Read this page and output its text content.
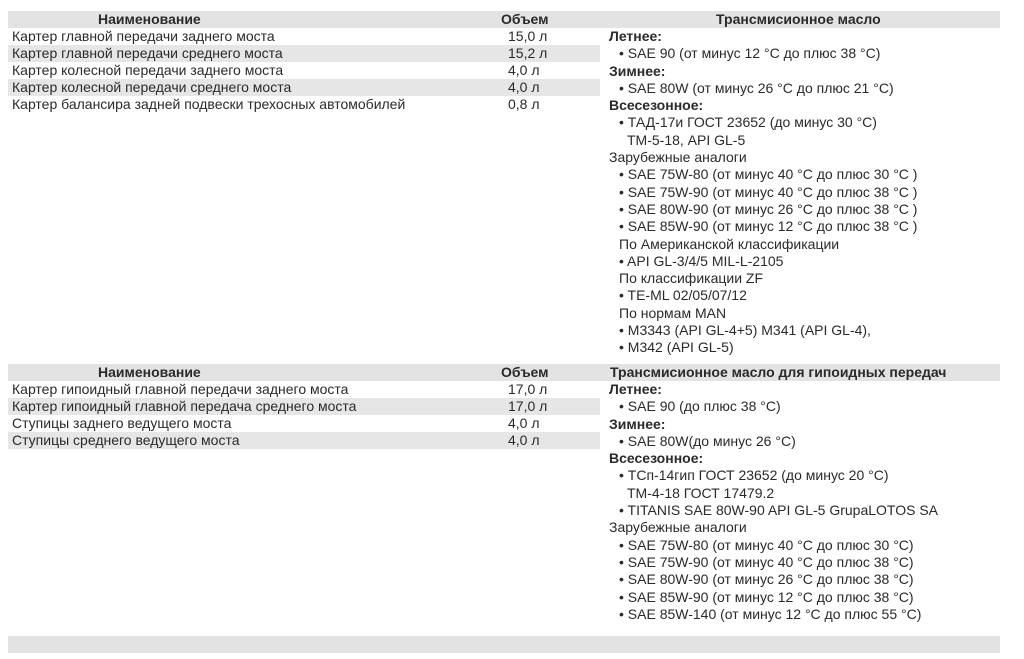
Наименование	Объем	Трансмисионное масло
Картер главной передачи заднего моста	15,0 л
Картер главной передачи среднего моста	15,2 л
Картер колесной передачи заднего моста	4,0 л
Картер колесной передачи среднего моста	4,0 л
Картер балансира задней подвески трехосных автомобилей	0,8 л
Летнее:
• SAE 90 (от минус 12 °С до плюс 38 °С)
Зимнее:
• SAE 80W (от минус 26 °С до плюс 21 °С)
Всесезонное:
• ТАД-17и ГОСТ 23652 (до минус 30 °С)
ТМ-5-18, API GL-5
Зарубежные аналоги
• SAE 75W-80 (от минус 40 °С до плюс 30 °С )
• SAE 75W-90 (от минус 40 °С до плюс 38 °С )
• SAE 80W-90 (от минус 26 °С до плюс 38 °С )
• SAE 85W-90 (от минус 12 °С до плюс 38 °С )
По Американской классификации
• API GL-3/4/5 MIL-L-2105
По классификации ZF
• TE-ML 02/05/07/12
По нормам MAN
• M3343 (API GL-4+5) M341 (API GL-4),
• M342 (API GL-5)
Наименование	Объем	Трансмисионное масло для гипоидных передач
Картер гипоидный главной передачи заднего моста	17,0 л
Картер гипоидный главной передача среднего моста	17,0 л
Ступицы заднего ведущего моста	4,0 л
Ступицы среднего ведущего моста	4,0 л
Летнее:
• SAE 90 (до плюс 38 °С)
Зимнее:
• SAE 80W(до минус 26 °С)
Всесезонное:
• ТСп-14гип ГОСТ 23652 (до минус 20 °С)
ТМ-4-18 ГОСТ 17479.2
• TITANIS SAE 80W-90 API GL-5 GrupaLOTOS SA
Зарубежные аналоги
• SAE 75W-80 (от минус 40 °С до плюс 30 °С)
• SAE 75W-90 (от минус 40 °С до плюс 38 °С)
• SAE 80W-90 (от минус 26 °С до плюс 38 °С)
• SAE 85W-90 (от минус 12 °С до плюс 38 °С)
• SAE 85W-140 (от минус 12 °С до плюс 55 °С)
